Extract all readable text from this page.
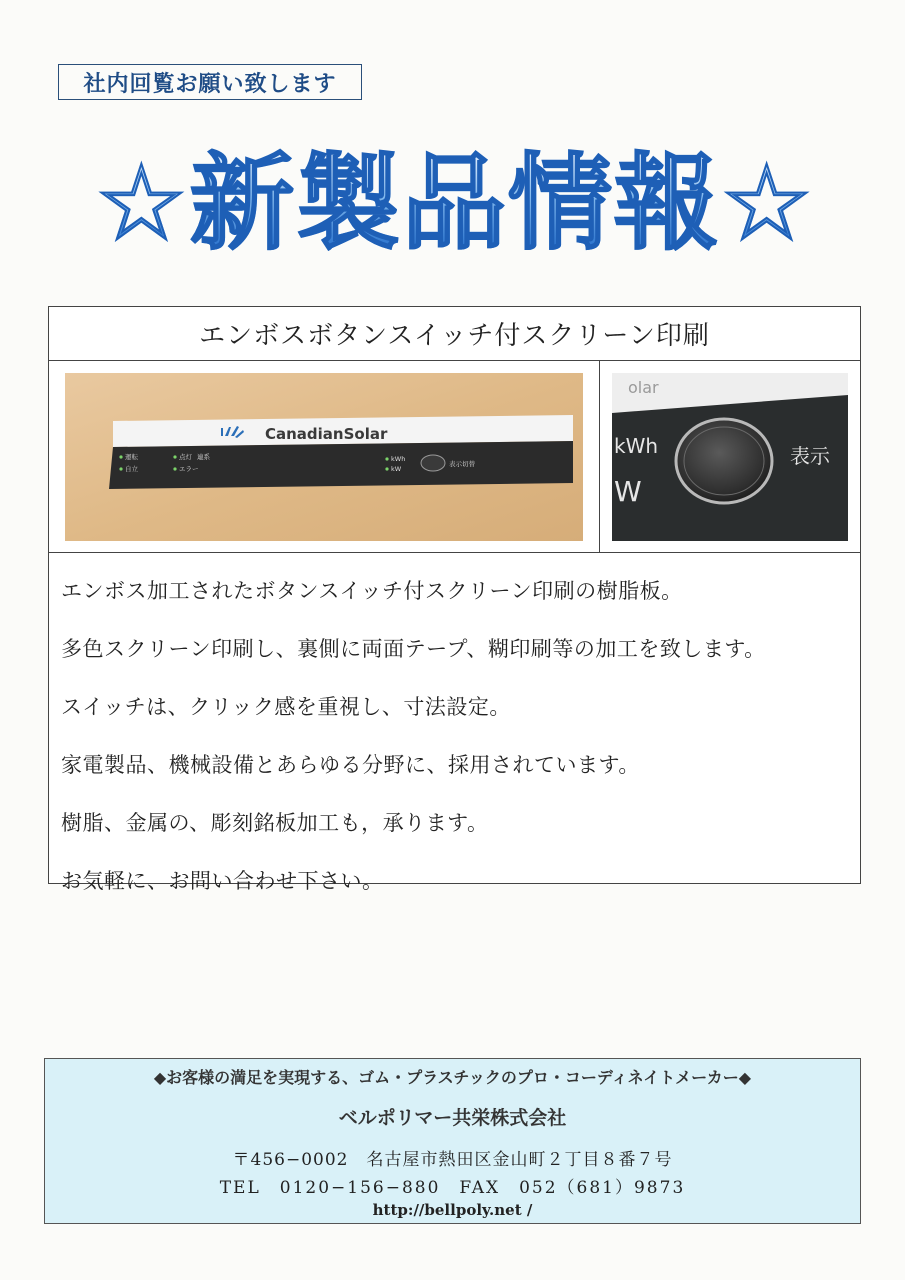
社内回覧お願い致します
☆新製品情報☆
エンボスボタンスイッチ付スクリーン印刷
CanadianSolar
運転
自立
点灯 連系
エラー
kWh
kW
表示切替
olar
kWh	表示
W
エンボス加工されたボタンスイッチ付スクリーン印刷の樹脂板。
多色スクリーン印刷し、裏側に両面テープ、糊印刷等の加工を致します。
スイッチは、クリック感を重視し、寸法設定。
家電製品、機械設備とあらゆる分野に、採用されています。
樹脂、金属の、彫刻銘板加工も，承ります。
お気軽に、お問い合わせ下さい。
◆お客様の満足を実現する、ゴム・プラスチックのプロ・コーディネイトメーカー◆
ベルポリマー共栄株式会社
〒456−0002　名古屋市熱田区金山町２丁目８番７号
TEL　0120−156−880　FAX　052（681）9873
http://bellpoly.net /
